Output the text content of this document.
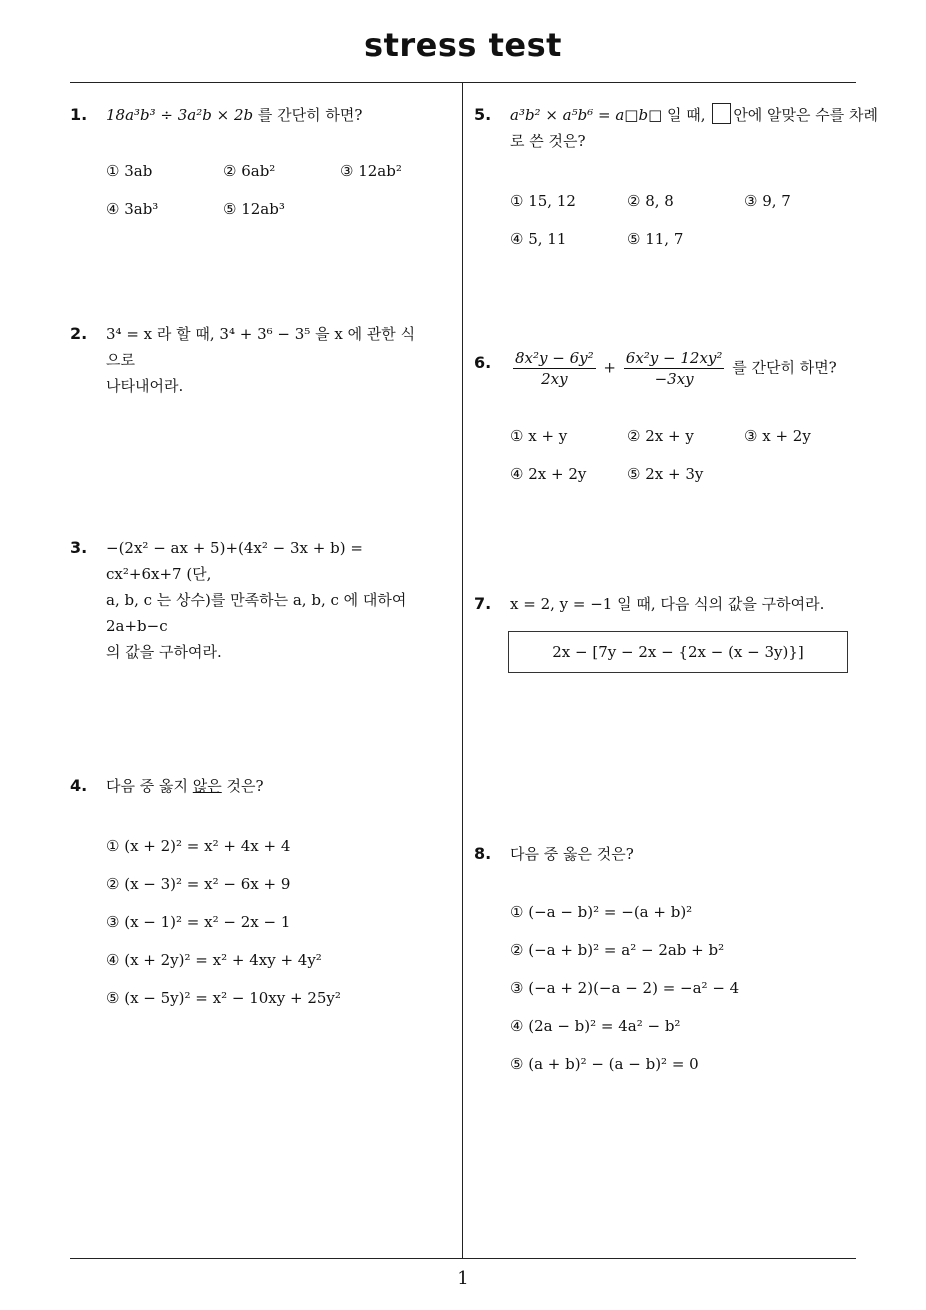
stress test
1
1. 18a³b³ ÷ 3a²b × 2b 를 간단히 하면?
① 3ab	② 6ab²	③ 12ab²
④ 3ab³	⑤ 12ab³
2. 3⁴ = x 라 할 때, 3⁴ + 3⁶ − 3⁵ 을 x 에 관한 식으로
나타내어라.
3. −(2x² − ax + 5)+(4x² − 3x + b) = cx²+6x+7 (단,
a, b, c 는 상수)를 만족하는 a, b, c 에 대하여 2a+b−c
의 값을 구하여라.
4. 다음 중 옳지 않은 것은?
① (x + 2)² = x² + 4x + 4
② (x − 3)² = x² − 6x + 9
③ (x − 1)² = x² − 2x − 1
④ (x + 2y)² = x² + 4xy + 4y²
⑤ (x − 5y)² = x² − 10xy + 25y²
5. a³b² × a⁵b⁶ = a□b□ 일 때, 안에 알맞은 수를 차례
로 쓴 것은?
① 15, 12	② 8, 8	③ 9, 7
④ 5, 11	⑤ 11, 7
6. $\frac{\text{8x²y − 6y²}}{2xy} + \frac{\text{6x²y − 12xy²}}{-3xy}$ 를 간단히 하면?
① x + y	② 2x + y	③ x + 2y
④ 2x + 2y	⑤ 2x + 3y
7. x = 2, y = −1 일 때, 다음 식의 값을 구하여라.
2x − [7y − 2x − {2x − (x − 3y)}]
8. 다음 중 옳은 것은?
① (−a − b)² = −(a + b)²
② (−a + b)² = a² − 2ab + b²
③ (−a + 2)(−a − 2) = −a² − 4
④ (2a − b)² = 4a² − b²
⑤ (a + b)² − (a − b)² = 0
